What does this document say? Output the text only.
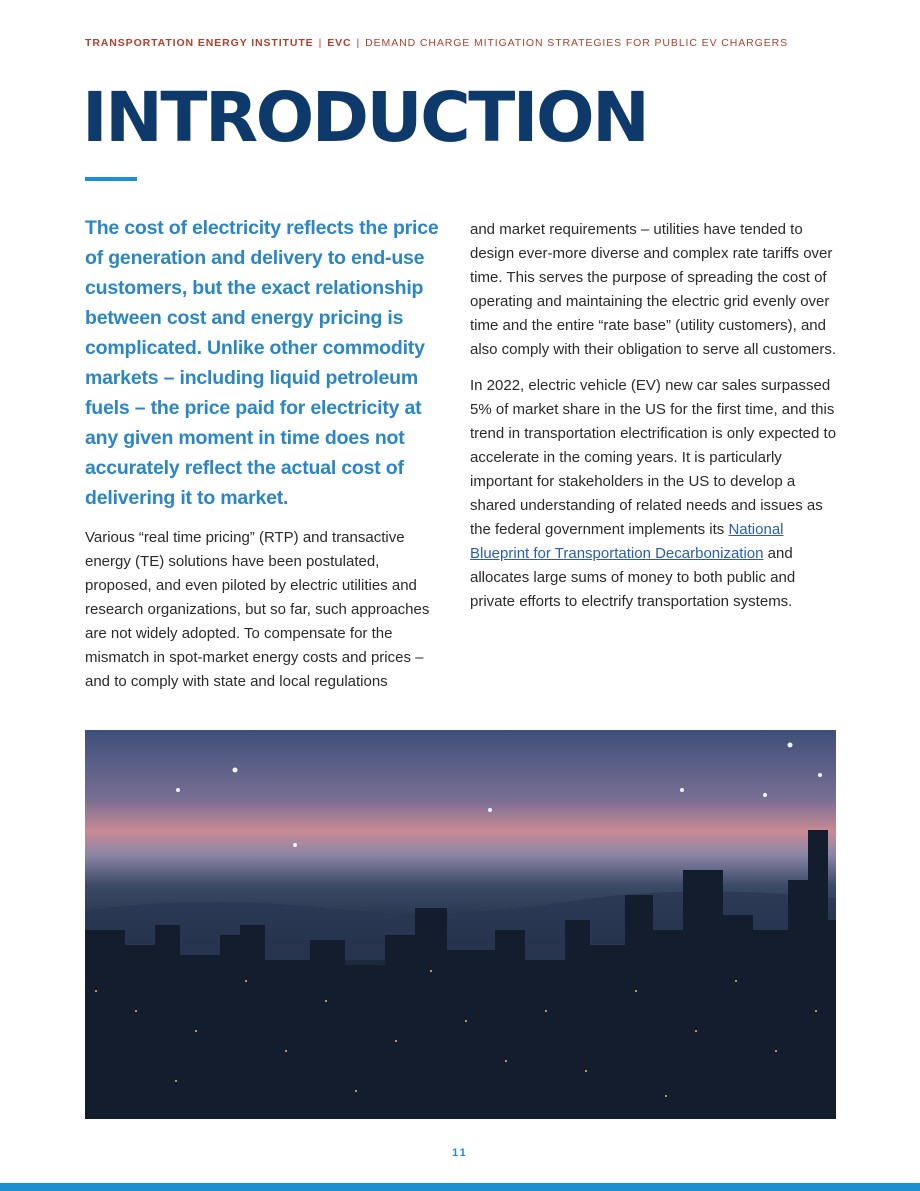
TRANSPORTATION ENERGY INSTITUTE | EVC | DEMAND CHARGE MITIGATION STRATEGIES FOR PUBLIC EV CHARGERS
INTRODUCTION
The cost of electricity reflects the price of generation and delivery to end-use customers, but the exact relationship between cost and energy pricing is complicated. Unlike other commodity markets – including liquid petroleum fuels – the price paid for electricity at any given moment in time does not accurately reflect the actual cost of delivering it to market.

Various “real time pricing” (RTP) and transactive energy (TE) solutions have been postulated, proposed, and even piloted by electric utilities and research organizations, but so far, such approaches are not widely adopted. To compensate for the mismatch in spot-market energy costs and prices – and to comply with state and local regulations

and market requirements – utilities have tended to design ever-more diverse and complex rate tariffs over time. This serves the purpose of spreading the cost of operating and maintaining the electric grid evenly over time and the entire “rate base” (utility customers), and also comply with their obligation to serve all customers.

In 2022, electric vehicle (EV) new car sales surpassed 5% of market share in the US for the first time, and this trend in transportation electrification is only expected to accelerate in the coming years. It is particularly important for stakeholders in the US to develop a shared understanding of related needs and issues as the federal government implements its National Blueprint for Transportation Decarbonization and allocates large sums of money to both public and private efforts to electrify transportation systems.

11
